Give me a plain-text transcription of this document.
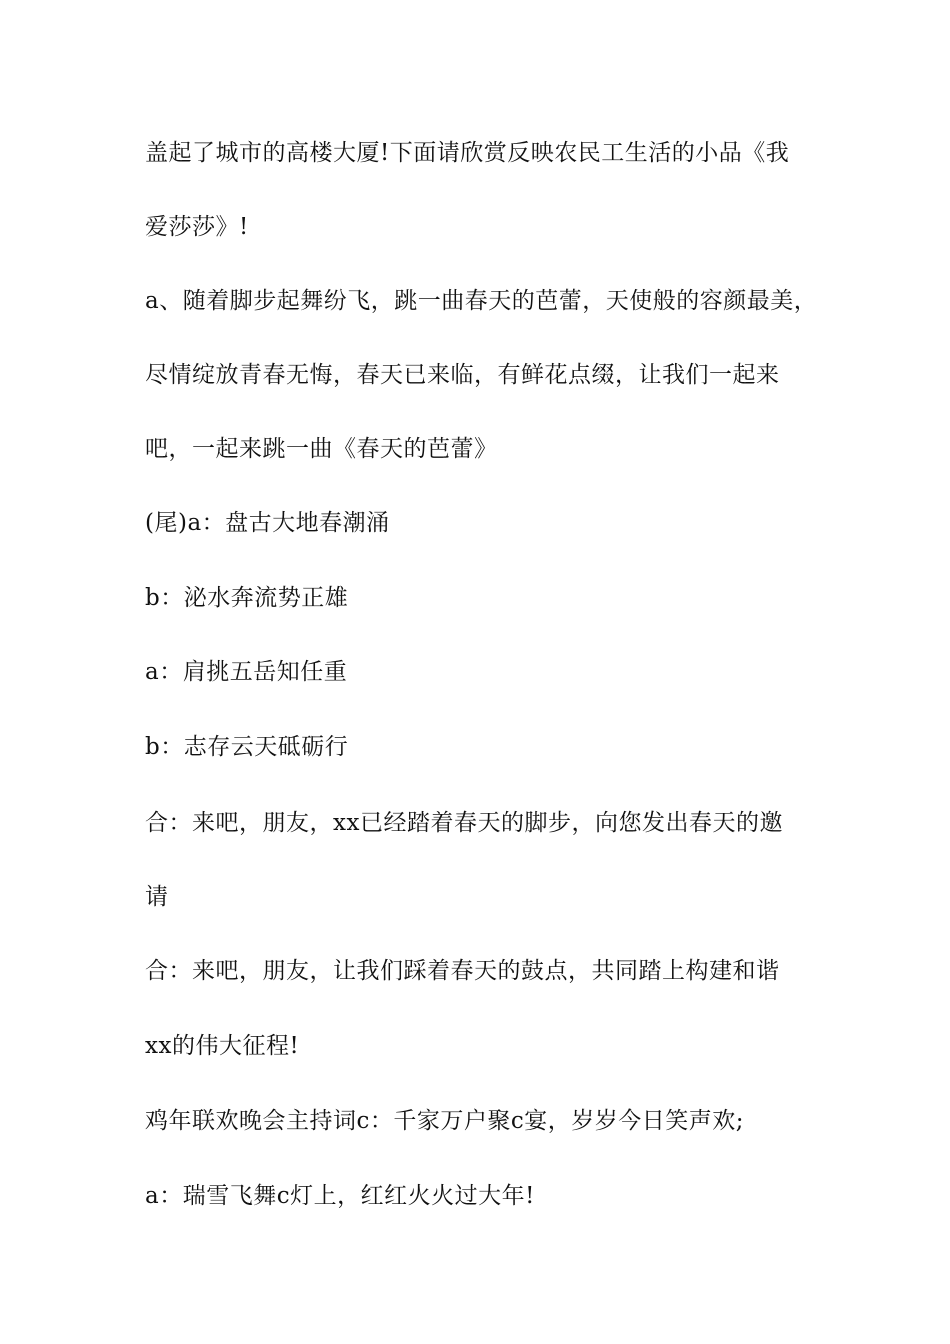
盖起了城市的高楼大厦!下面请欣赏反映农民工生活的小品《我

爱莎莎》!

a、随着脚步起舞纷飞，跳一曲春天的芭蕾，天使般的容颜最美，

尽情绽放青春无悔，春天已来临，有鲜花点缀，让我们一起来

吧，一起来跳一曲《春天的芭蕾》

(尾)a：盘古大地春潮涌

b：泌水奔流势正雄

a：肩挑五岳知任重

b：志存云天砥砺行

合：来吧，朋友，xx已经踏着春天的脚步，向您发出春天的邀

请

合：来吧，朋友，让我们踩着春天的鼓点，共同踏上构建和谐

xx的伟大征程!

鸡年联欢晚会主持词c：千家万户聚c宴，岁岁今日笑声欢;

a：瑞雪飞舞c灯上，红红火火过大年!
